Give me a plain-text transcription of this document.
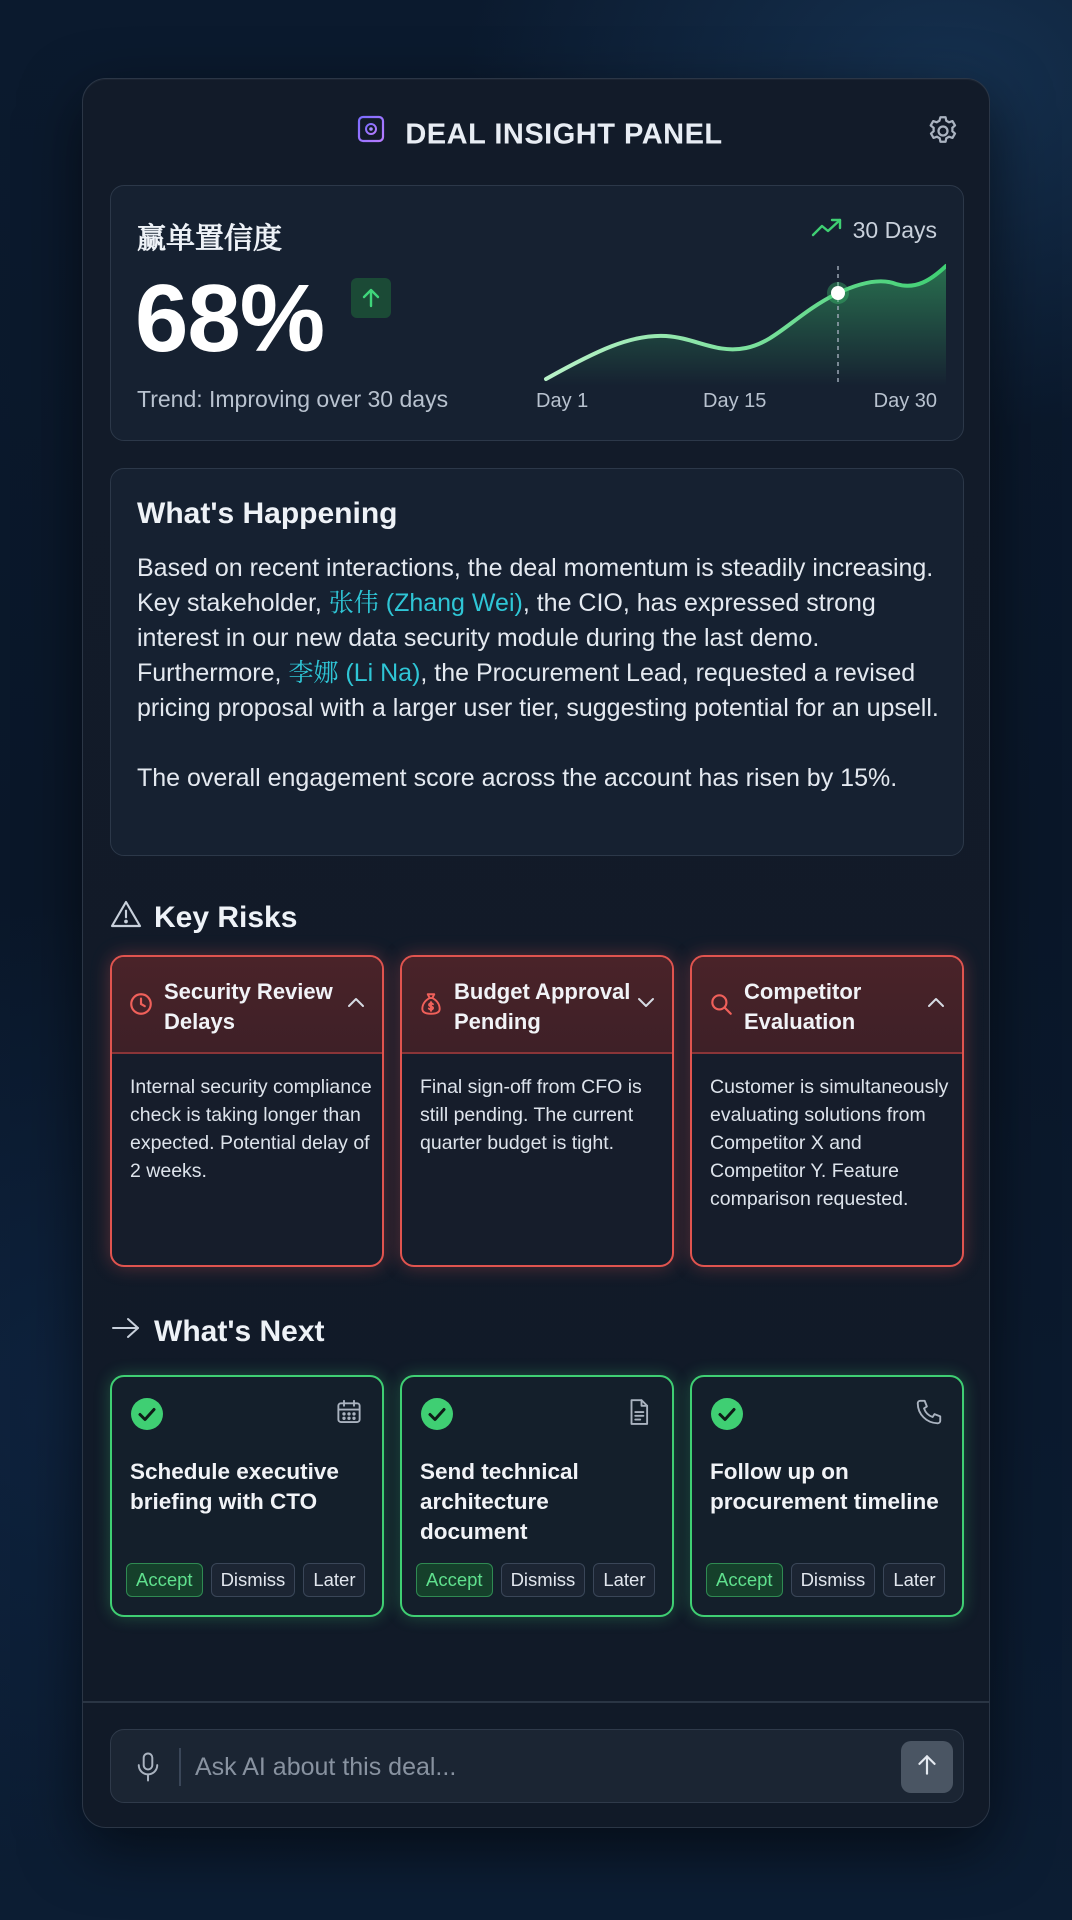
DEAL INSIGHT PANEL
赢单置信度
68%
Trend: Improving over 30 days
30 Days
Day 1	Day 15	Day 30
What's Happening

Based on recent interactions, the deal momentum is steadily increasing. Key stakeholder, 张伟 (Zhang Wei), the CIO, has expressed strong interest in our new data security module during the last demo. Furthermore, 李娜 (Li Na), the Procurement Lead, requested a revised pricing proposal with a larger user tier, suggesting potential for an upsell.

The overall engagement score across the account has risen by 15%.

Key Risks
Security Review Delays
Internal security compliance check is taking longer than expected. Potential delay of 2 weeks.
Budget Approval Pending
Final sign-off from CFO is still pending. The current quarter budget is tight.
Competitor Evaluation
Customer is simultaneously evaluating solutions from Competitor X and Competitor Y. Feature comparison requested.
What's Next
Schedule executive briefing with CTO
Accept	Dismiss	Later
Send technical architecture document
Accept	Dismiss	Later
Follow up on procurement timeline
Accept	Dismiss	Later
Ask AI about this deal...
